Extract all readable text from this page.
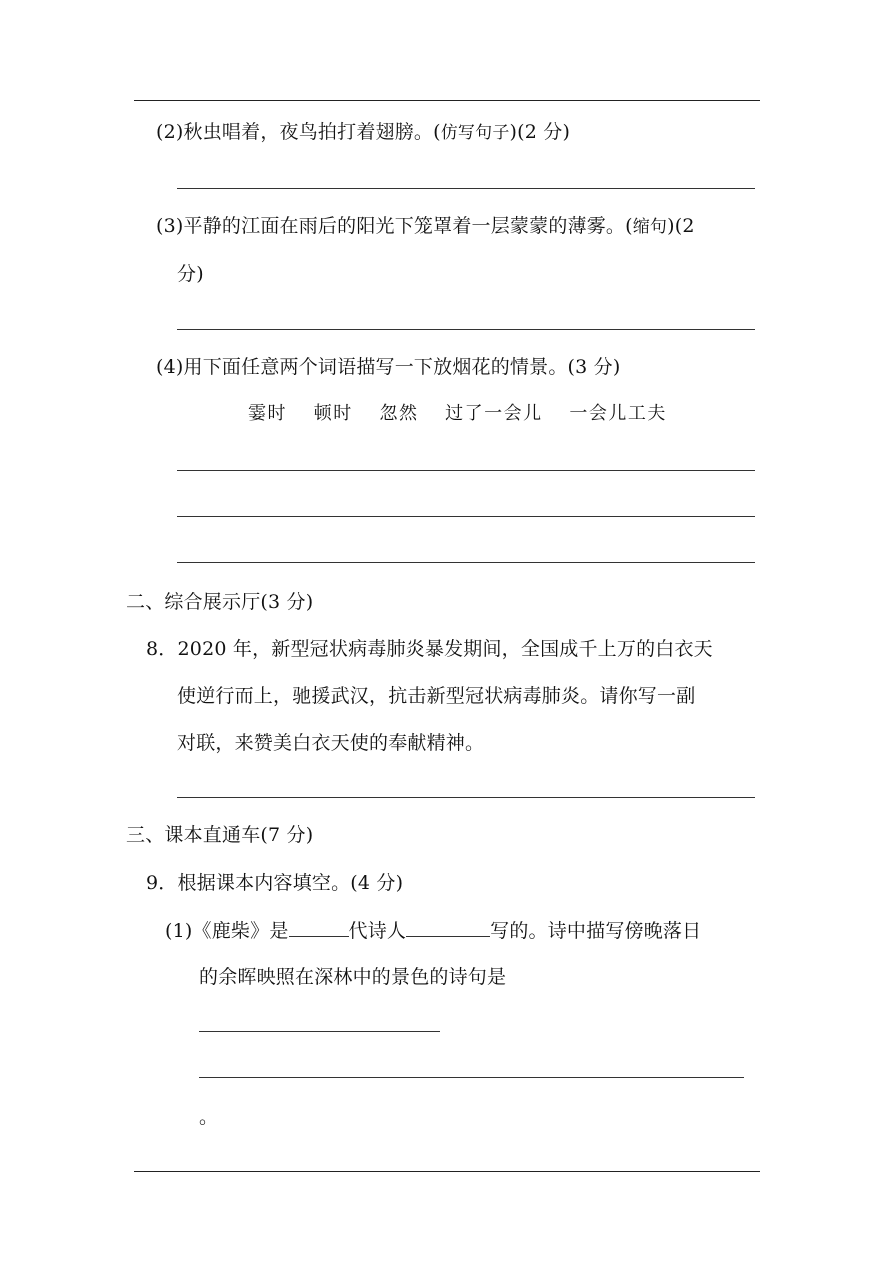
(2)秋虫唱着，夜鸟拍打着翅膀。(仿写句子)(2 分)
(3)平静的江面在雨后的阳光下笼罩着一层蒙蒙的薄雾。(缩句)(2
分)
(4)用下面任意两个词语描写一下放烟花的情景。(3 分)
霎时　 顿时　 忽然　 过了一会儿　 一会儿工夫
二、综合展示厅(3 分)
8．2020 年，新型冠状病毒肺炎暴发期间，全国成千上万的白衣天
使逆行而上，驰援武汉，抗击新型冠状病毒肺炎。请你写一副
对联，来赞美白衣天使的奉献精神。
三、课本直通车(7 分)
9．根据课本内容填空。(4 分)
(1)《鹿柴》是	代诗人	写的。诗中描写傍晚落日
的余晖映照在深林中的景色的诗句是
。
